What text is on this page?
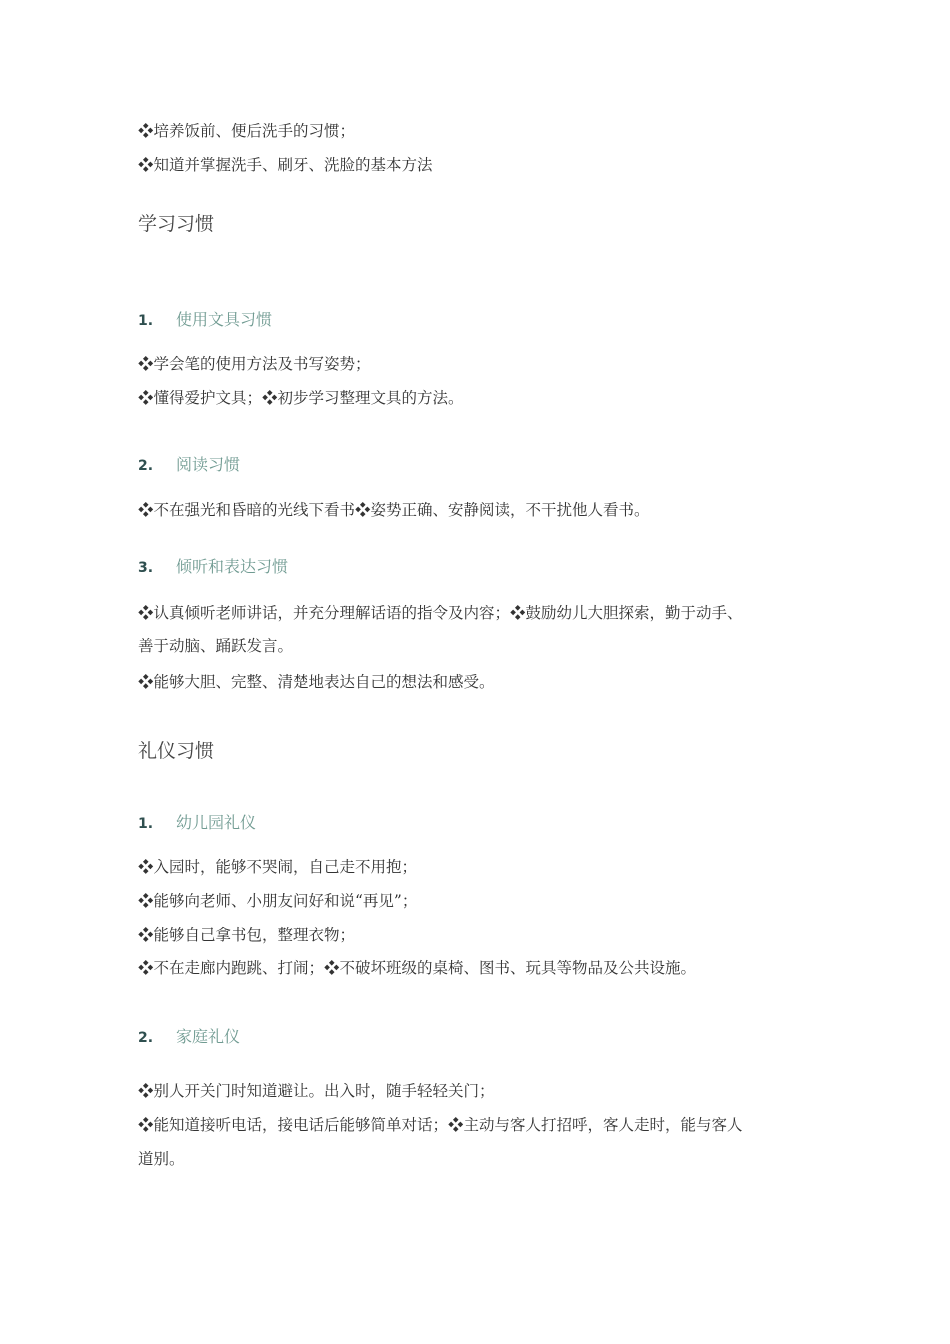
❖培养饭前、便后洗手的习惯；
❖知道并掌握洗手、刷牙、洗脸的基本方法
学习习惯
1. 使用文具习惯
❖学会笔的使用方法及书写姿势；
❖懂得爱护文具；❖初步学习整理文具的方法。
2. 阅读习惯
❖不在强光和昏暗的光线下看书❖姿势正确、安静阅读，不干扰他人看书。
3. 倾听和表达习惯
❖认真倾听老师讲话，并充分理解话语的指令及内容；❖鼓励幼儿大胆探索，勤于动手、
善于动脑、踊跃发言。
❖能够大胆、完整、清楚地表达自己的想法和感受。
礼仪习惯
1. 幼儿园礼仪
❖入园时，能够不哭闹，自己走不用抱；
❖能够向老师、小朋友问好和说“再见”；
❖能够自己拿书包，整理衣物；
❖不在走廊内跑跳、打闹；❖不破坏班级的桌椅、图书、玩具等物品及公共设施。
2. 家庭礼仪
❖别人开关门时知道避让。出入时，随手轻轻关门；
❖能知道接听电话，接电话后能够简单对话；❖主动与客人打招呼，客人走时，能与客人
道别。
